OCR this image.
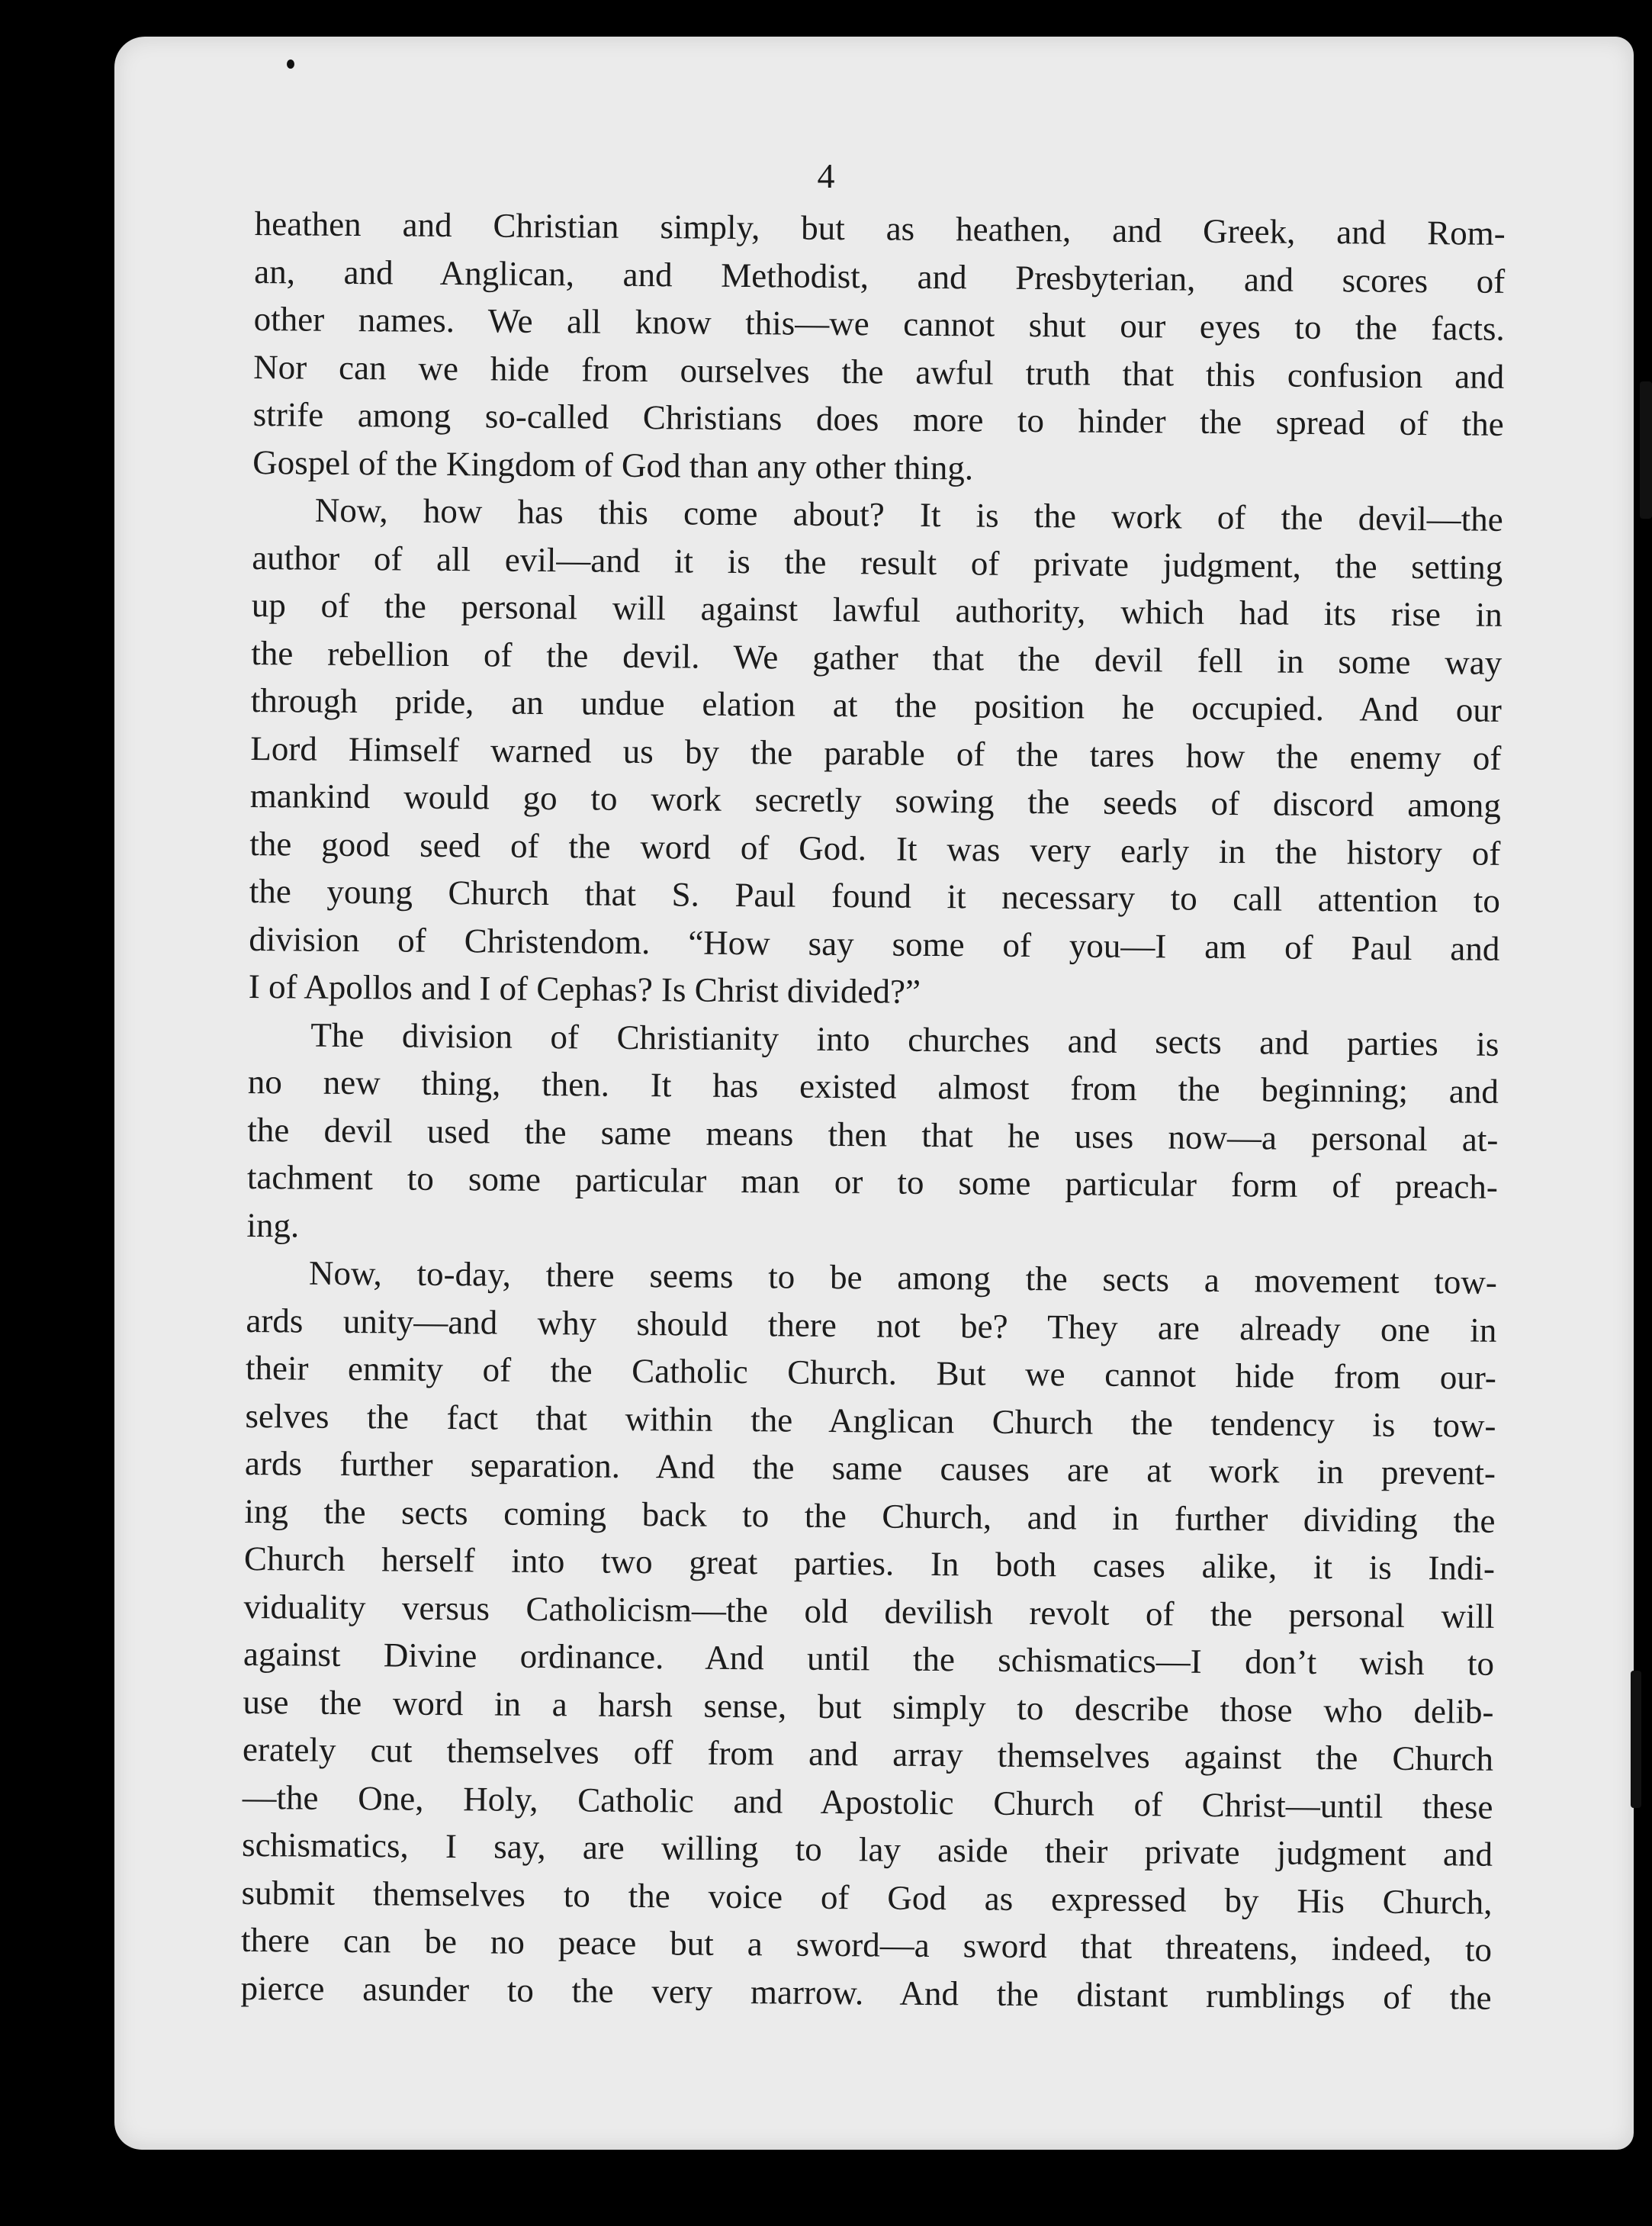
4
heathen and Christian simply, but as heathen, and Greek, and Rom-
an, and Anglican, and Methodist, and Presbyterian, and scores of
other names. We all know this—we cannot shut our eyes to the facts.
Nor can we hide from ourselves the awful truth that this confusion and
strife among so-called Christians does more to hinder the spread of the
Gospel of the Kingdom of God than any other thing.
Now, how has this come about? It is the work of the devil—the
author of all evil—and it is the result of private judgment, the setting
up of the personal will against lawful authority, which had its rise in
the rebellion of the devil. We gather that the devil fell in some way
through pride, an undue elation at the position he occupied. And our
Lord Himself warned us by the parable of the tares how the enemy of
mankind would go to work secretly sowing the seeds of discord among
the good seed of the word of God. It was very early in the history of
the young Church that S. Paul found it necessary to call attention to
division of Christendom. “How say some of you—I am of Paul and
I of Apollos and I of Cephas? Is Christ divided?”
The division of Christianity into churches and sects and parties is
no new thing, then. It has existed almost from the beginning; and
the devil used the same means then that he uses now—a personal at-
tachment to some particular man or to some particular form of preach-
ing.
Now, to-day, there seems to be among the sects a movement tow-
ards unity—and why should there not be? They are already one in
their enmity of the Catholic Church. But we cannot hide from our-
selves the fact that within the Anglican Church the tendency is tow-
ards further separation. And the same causes are at work in prevent-
ing the sects coming back to the Church, and in further dividing the
Church herself into two great parties. In both cases alike, it is Indi-
viduality versus Catholicism—the old devilish revolt of the personal will
against Divine ordinance. And until the schismatics—I don’t wish to
use the word in a harsh sense, but simply to describe those who delib-
erately cut themselves off from and array themselves against the Church
—the One, Holy, Catholic and Apostolic Church of Christ—until these
schismatics, I say, are willing to lay aside their private judgment and
submit themselves to the voice of God as expressed by His Church,
there can be no peace but a sword—a sword that threatens, indeed, to
pierce asunder to the very marrow. And the distant rumblings of the
